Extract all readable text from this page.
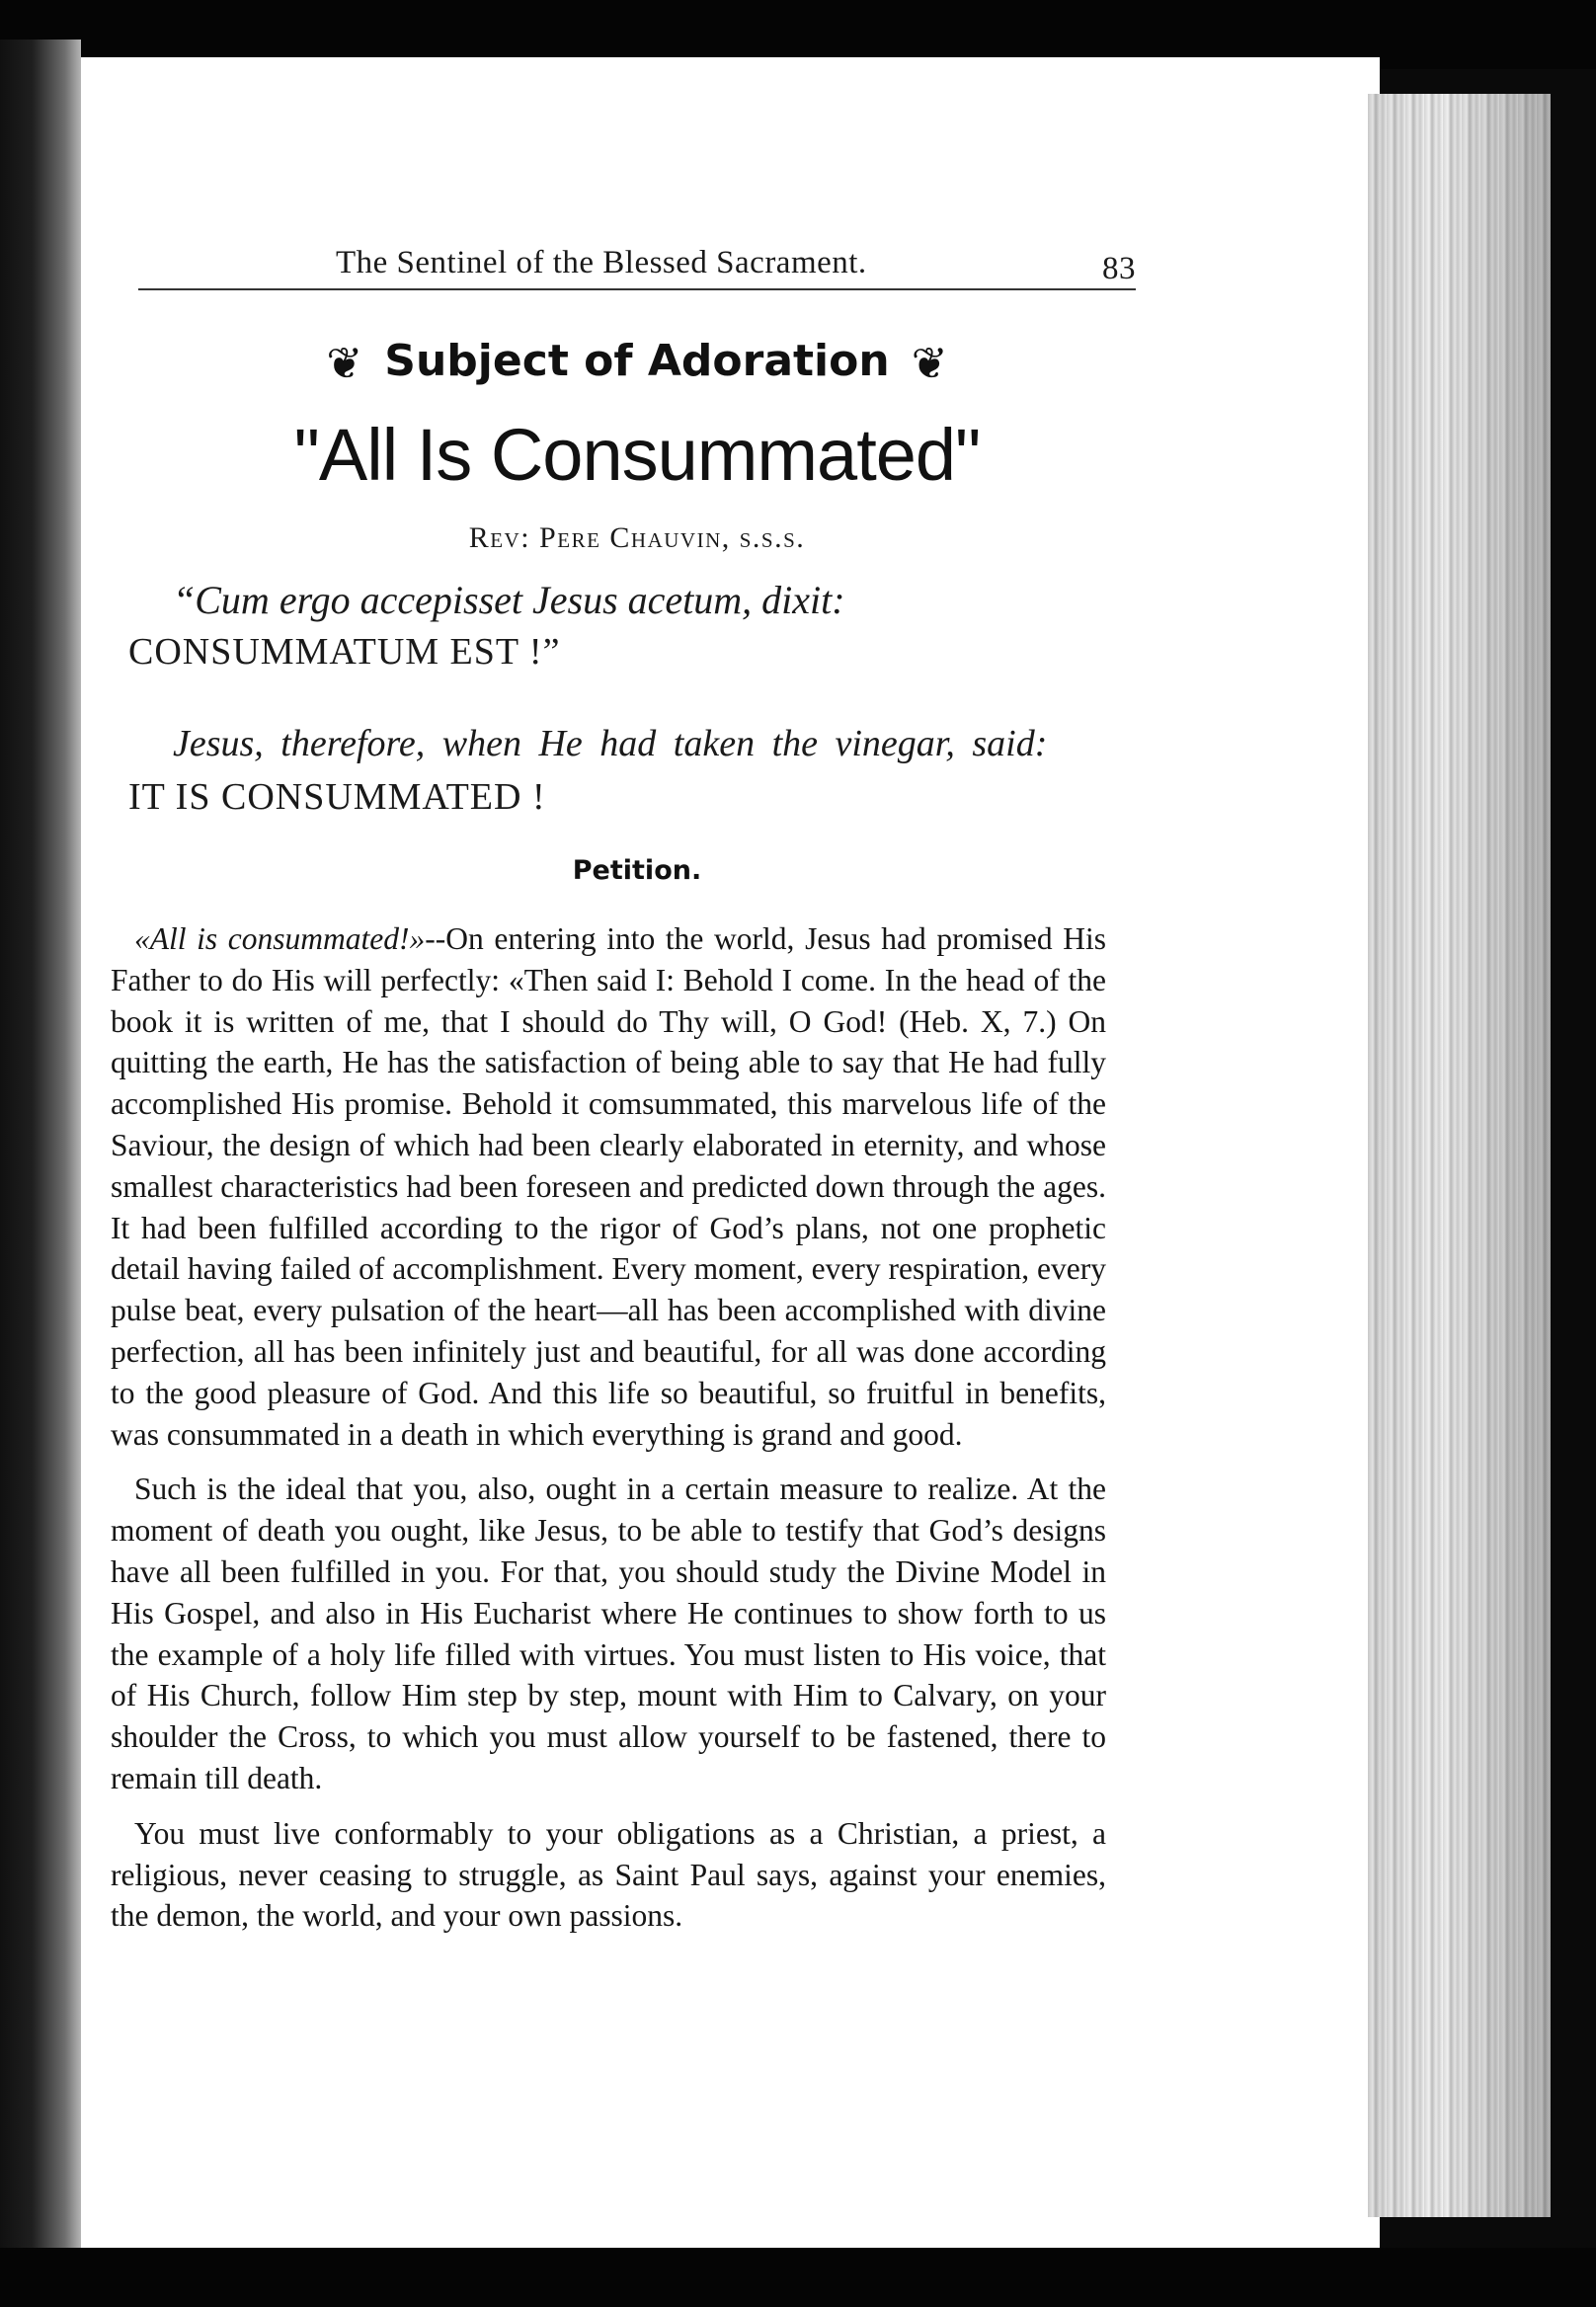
The Sentinel of the Blessed Sacrament.	83
❦ Subject of Adoration ❦
"All Is Consummated"
Rev: Pere Chauvin, s.s.s.
“Cum ergo accepisset Jesus acetum, dixit:
CONSUMMATUM EST !”
Jesus, therefore, when He had taken the vinegar, said:
IT IS CONSUMMATED !
Petition.

«All is consummated!»--On entering into the world, Jesus had promised His Father to do His will perfectly: «Then said I: Behold I come. In the head of the book it is written of me, that I should do Thy will, O God! (Heb. X, 7.) On quitting the earth, He has the satisfaction of being able to say that He had fully accomplished His promise. Behold it comsummated, this marvelous life of the Saviour, the design of which had been clearly elaborated in eternity, and whose smallest characteristics had been foreseen and predicted down through the ages. It had been fulfilled according to the rigor of God’s plans, not one prophetic detail having failed of accomplishment. Every moment, every respiration, every pulse beat, every pulsation of the heart—all has been accomplished with divine perfection, all has been infinitely just and beautiful, for all was done according to the good pleasure of God. And this life so beautiful, so fruitful in benefits, was consummated in a death in which everything is grand and good.

Such is the ideal that you, also, ought in a certain measure to realize. At the moment of death you ought, like Jesus, to be able to testify that God’s designs have all been fulfilled in you. For that, you should study the Divine Model in His Gospel, and also in His Eucharist where He continues to show forth to us the example of a holy life filled with virtues. You must listen to His voice, that of His Church, follow Him step by step, mount with Him to Calvary, on your shoulder the Cross, to which you must allow yourself to be fastened, there to remain till death.

You must live conformably to your obligations as a Christian, a priest, a religious, never ceasing to struggle, as Saint Paul says, against your enemies, the demon, the world, and your own passions.
